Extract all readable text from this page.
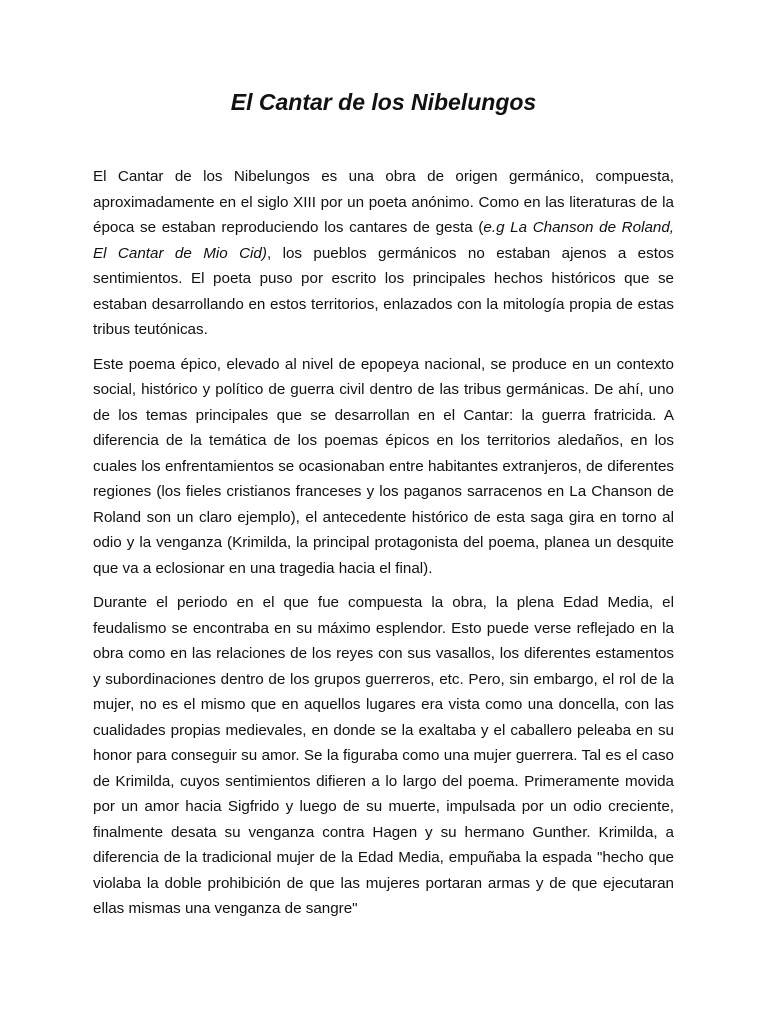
El Cantar de los Nibelungos

El Cantar de los Nibelungos es una obra de origen germánico, compuesta, aproximadamente en el siglo XIII por un poeta anónimo. Como en las literaturas de la época se estaban reproduciendo los cantares de gesta (e.g La Chanson de Roland, El Cantar de Mio Cid), los pueblos germánicos no estaban ajenos a estos sentimientos. El poeta puso por escrito los principales hechos históricos que se estaban desarrollando en estos territorios, enlazados con la mitología propia de estas tribus teutónicas.

Este poema épico, elevado al nivel de epopeya nacional, se produce en un contexto social, histórico y político de guerra civil dentro de las tribus germánicas. De ahí, uno de los temas principales que se desarrollan en el Cantar: la guerra fratricida. A diferencia de la temática de los poemas épicos en los territorios aledaños, en los cuales los enfrentamientos se ocasionaban entre habitantes extranjeros, de diferentes regiones (los fieles cristianos franceses y los paganos sarracenos en La Chanson de Roland son un claro ejemplo), el antecedente histórico de esta saga gira en torno al odio y la venganza (Krimilda, la principal protagonista del poema, planea un desquite que va a eclosionar en una tragedia hacia el final).

Durante el periodo en el que fue compuesta la obra, la plena Edad Media, el feudalismo se encontraba en su máximo esplendor. Esto puede verse reflejado en la obra como en las relaciones de los reyes con sus vasallos, los diferentes estamentos y subordinaciones dentro de los grupos guerreros, etc. Pero, sin embargo, el rol de la mujer, no es el mismo que en aquellos lugares era vista como una doncella, con las cualidades propias medievales, en donde se la exaltaba y el caballero peleaba en su honor para conseguir su amor. Se la figuraba como una mujer guerrera. Tal es el caso de Krimilda, cuyos sentimientos difieren a lo largo del poema. Primeramente movida por un amor hacia Sigfrido y luego de su muerte, impulsada por un odio creciente, finalmente desata su venganza contra Hagen y su hermano Gunther. Krimilda, a diferencia de la tradicional mujer de la Edad Media, empuñaba la espada "hecho que violaba la doble prohibición de que las mujeres portaran armas y de que ejecutaran ellas mismas una venganza de sangre"
